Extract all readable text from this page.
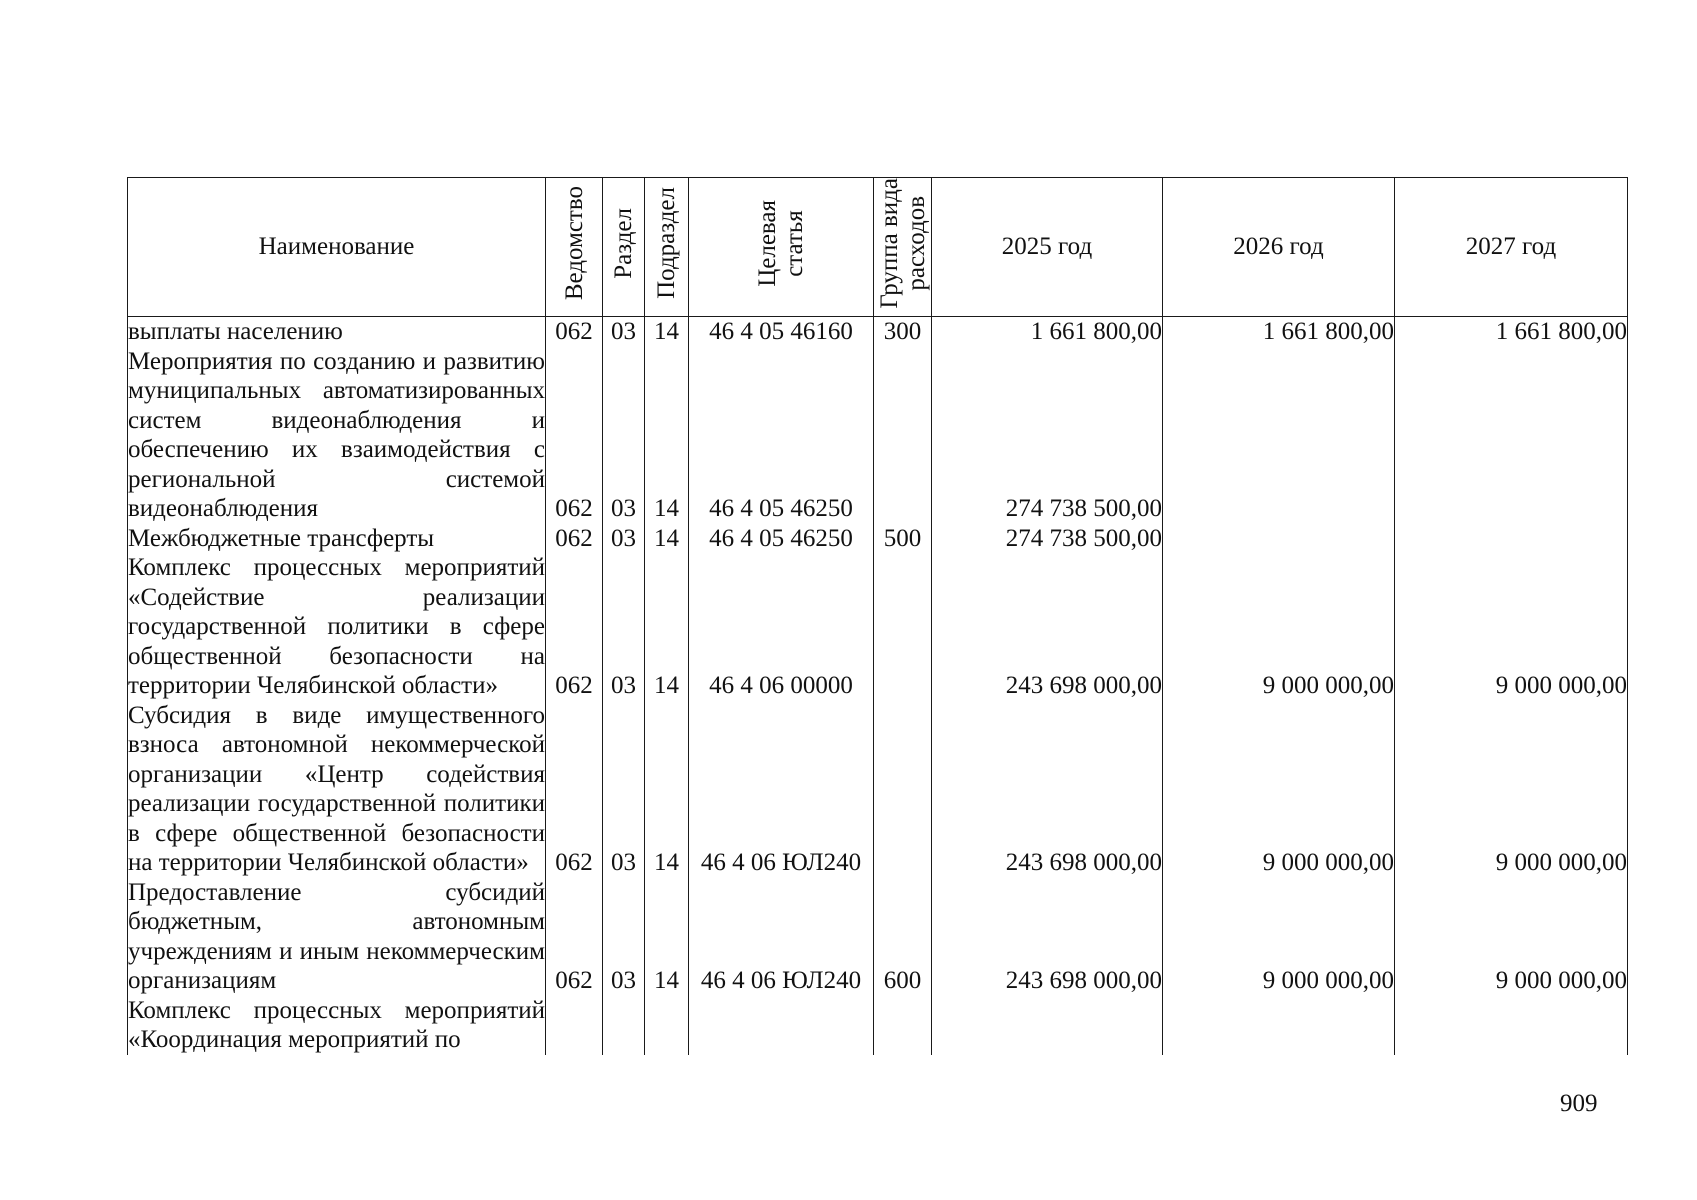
Наименование	Ведомство	Раздел	Подраздел	Целевая
статья	Группа вида
расходов	2025 год	2026 год	2027 год
выплаты населению	062	03	14	46 4 05 46160	300	1 661 800,00	1 661 800,00	1 661 800,00
Мероприятия по созданию и развитию муниципальных автоматизированных систем видеонаблюдения и обеспечению их взаимодействия с региональной системой видеонаблюдения	062	03	14	46 4 05 46250		274 738 500,00		
Межбюджетные трансферты	062	03	14	46 4 05 46250	500	274 738 500,00		
Комплекс процессных мероприятий «Содействие реализации государственной политики в сфере общественной безопасности на территории Челябинской области»	062	03	14	46 4 06 00000		243 698 000,00	9 000 000,00	9 000 000,00
Субсидия в виде имущественного взноса автономной некоммерческой организации «Центр содействия реализации государственной политики в сфере общественной безопасности на территории Челябинской области»	062	03	14	46 4 06 ЮЛ240		243 698 000,00	9 000 000,00	9 000 000,00
Предоставление субсидий бюджетным, автономным учреждениям и иным некоммерческим организациям	062	03	14	46 4 06 ЮЛ240	600	243 698 000,00	9 000 000,00	9 000 000,00
Комплекс процессных мероприятий «Координация мероприятий по								
909
